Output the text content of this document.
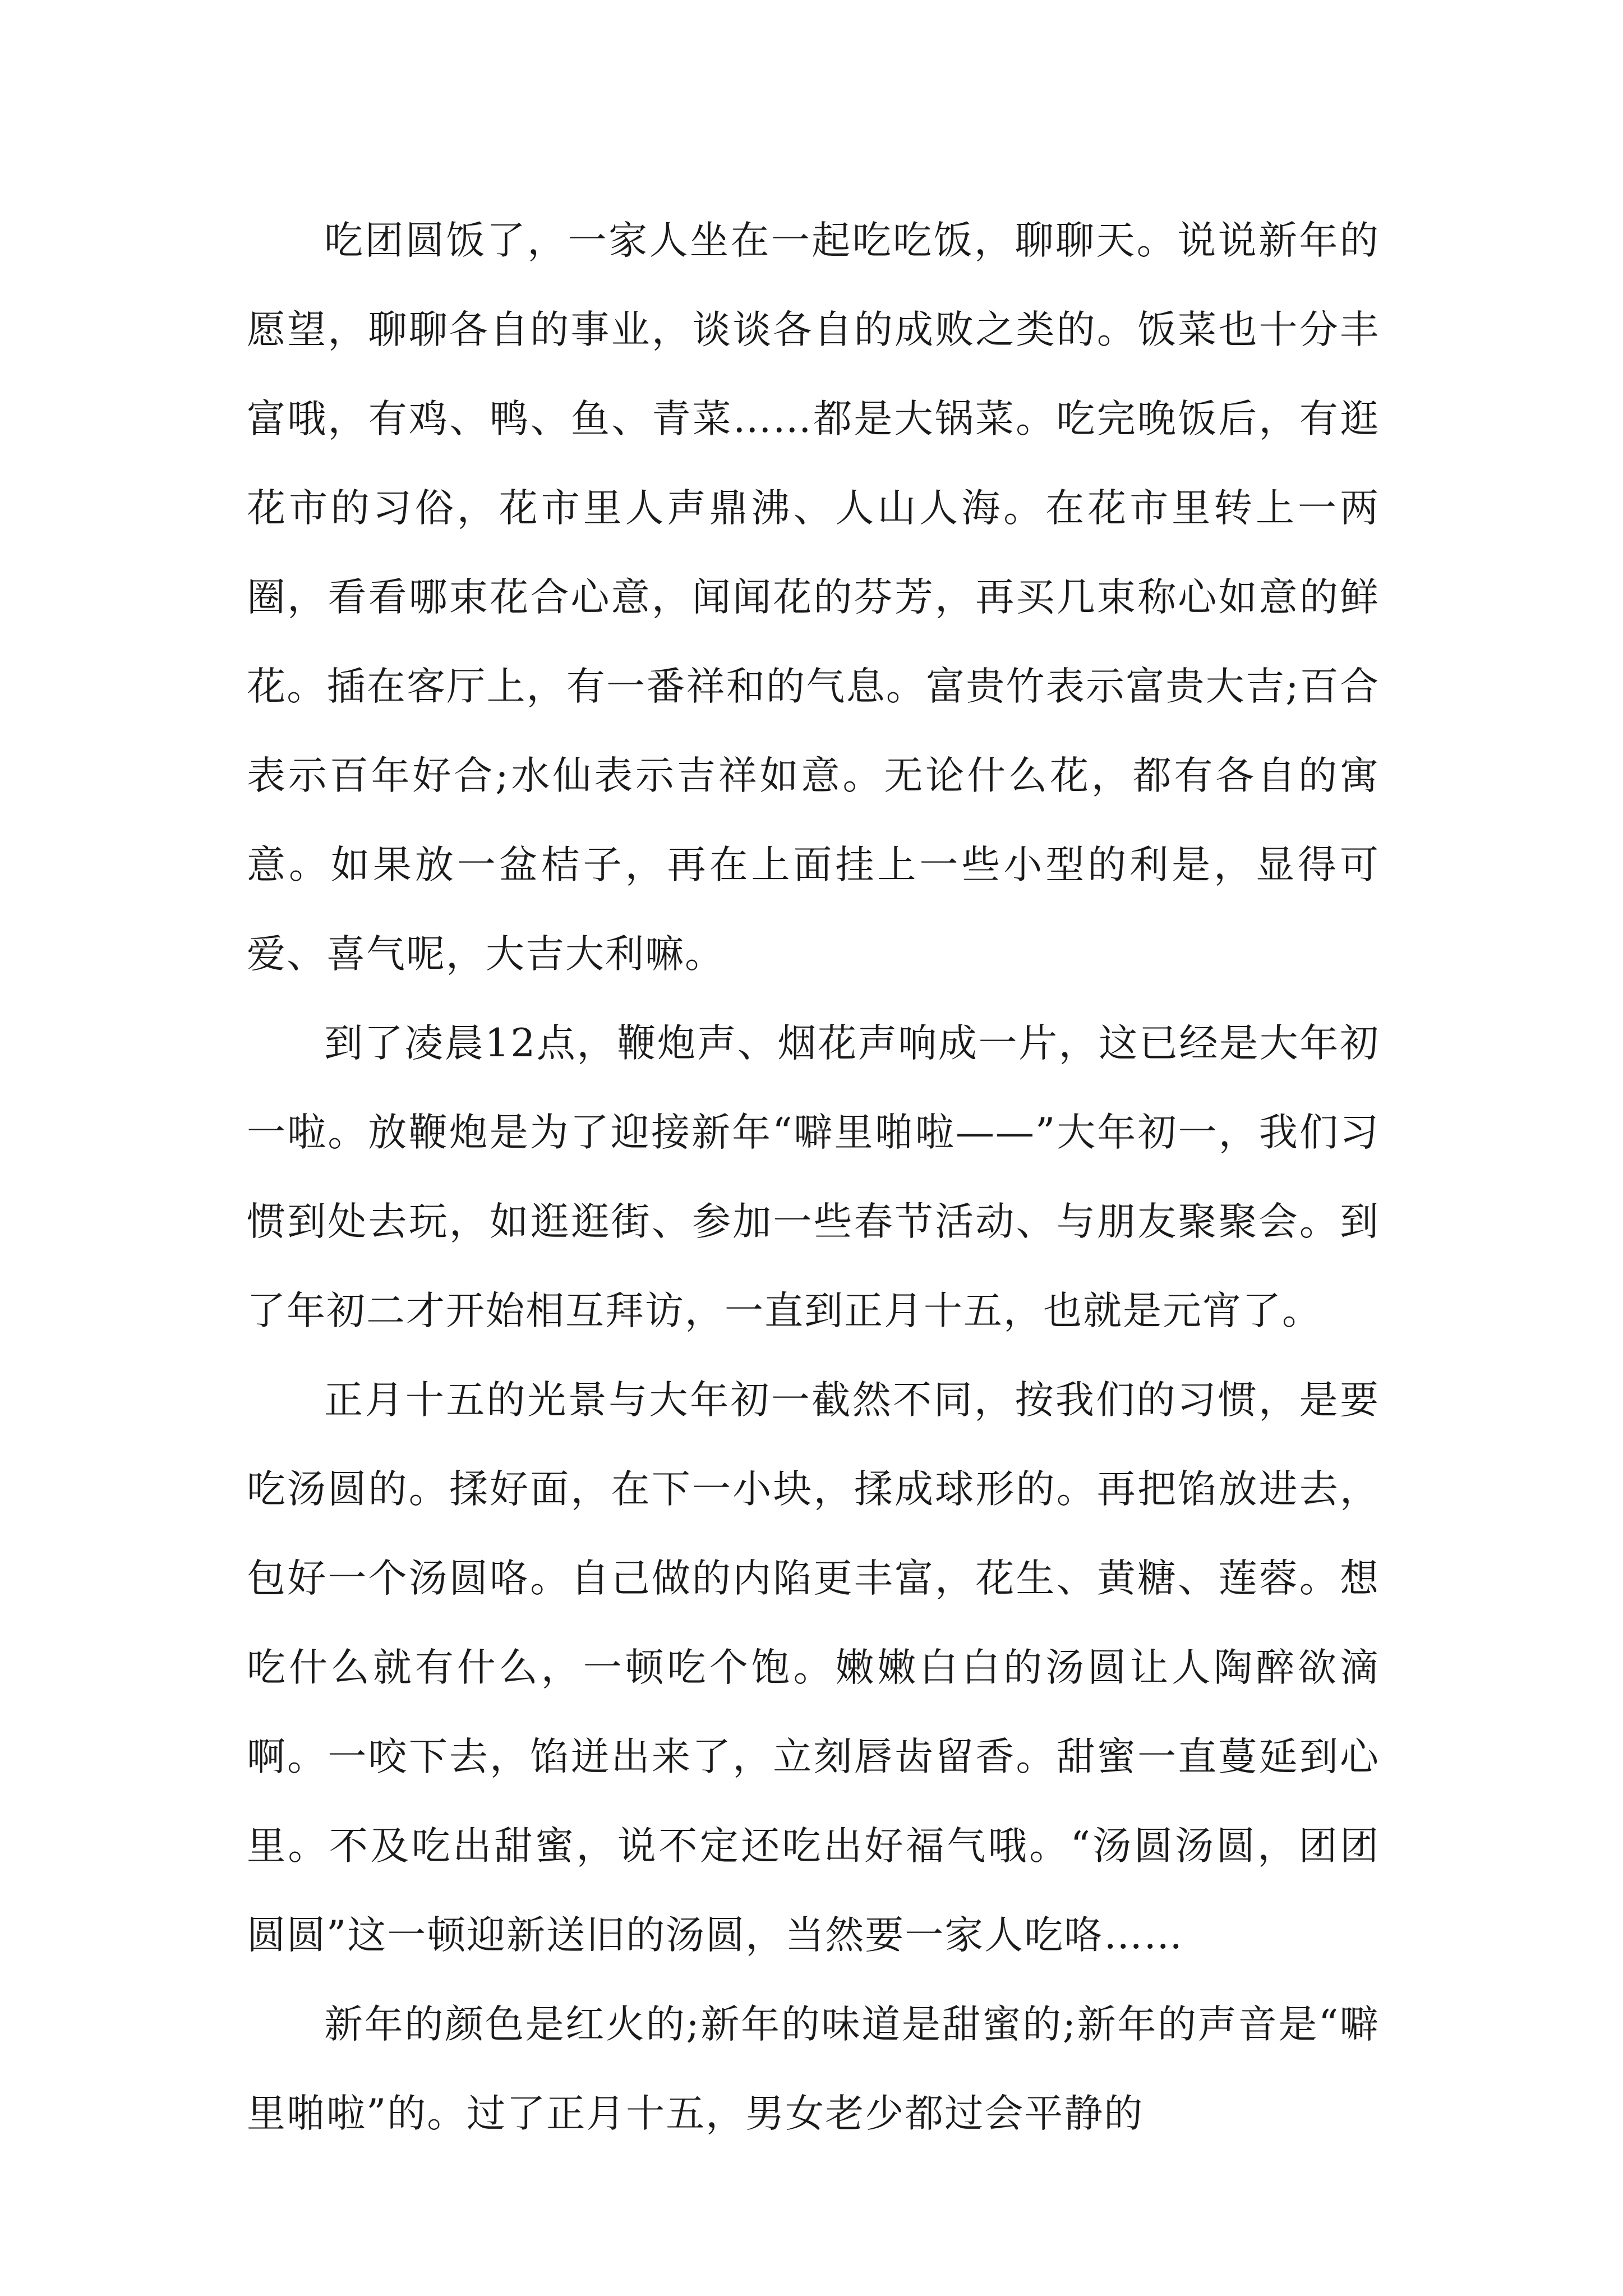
吃团圆饭了，一家人坐在一起吃吃饭，聊聊天。说说新年的愿望，聊聊各自的事业，谈谈各自的成败之类的。饭菜也十分丰富哦，有鸡、鸭、鱼、青菜……都是大锅菜。吃完晚饭后，有逛花市的习俗，花市里人声鼎沸、人山人海。在花市里转上一两圈，看看哪束花合心意，闻闻花的芬芳，再买几束称心如意的鲜花。插在客厅上，有一番祥和的气息。富贵竹表示富贵大吉;百合表示百年好合;水仙表示吉祥如意。无论什么花，都有各自的寓意。如果放一盆桔子，再在上面挂上一些小型的利是，显得可爱、喜气呢，大吉大利嘛。

到了凌晨12点，鞭炮声、烟花声响成一片，这已经是大年初一啦。放鞭炮是为了迎接新年“噼里啪啦——”大年初一，我们习惯到处去玩，如逛逛街、参加一些春节活动、与朋友聚聚会。到了年初二才开始相互拜访，一直到正月十五，也就是元宵了。

正月十五的光景与大年初一截然不同，按我们的习惯，是要吃汤圆的。揉好面，在下一小块，揉成球形的。再把馅放进去，包好一个汤圆咯。自己做的内陷更丰富，花生、黄糖、莲蓉。想吃什么就有什么，一顿吃个饱。嫩嫩白白的汤圆让人陶醉欲滴啊。一咬下去，馅迸出来了，立刻唇齿留香。甜蜜一直蔓延到心里。不及吃出甜蜜，说不定还吃出好福气哦。“汤圆汤圆，团团圆圆”这一顿迎新送旧的汤圆，当然要一家人吃咯……

新年的颜色是红火的;新年的味道是甜蜜的;新年的声音是“噼里啪啦”的。过了正月十五，男女老少都过会平静的
